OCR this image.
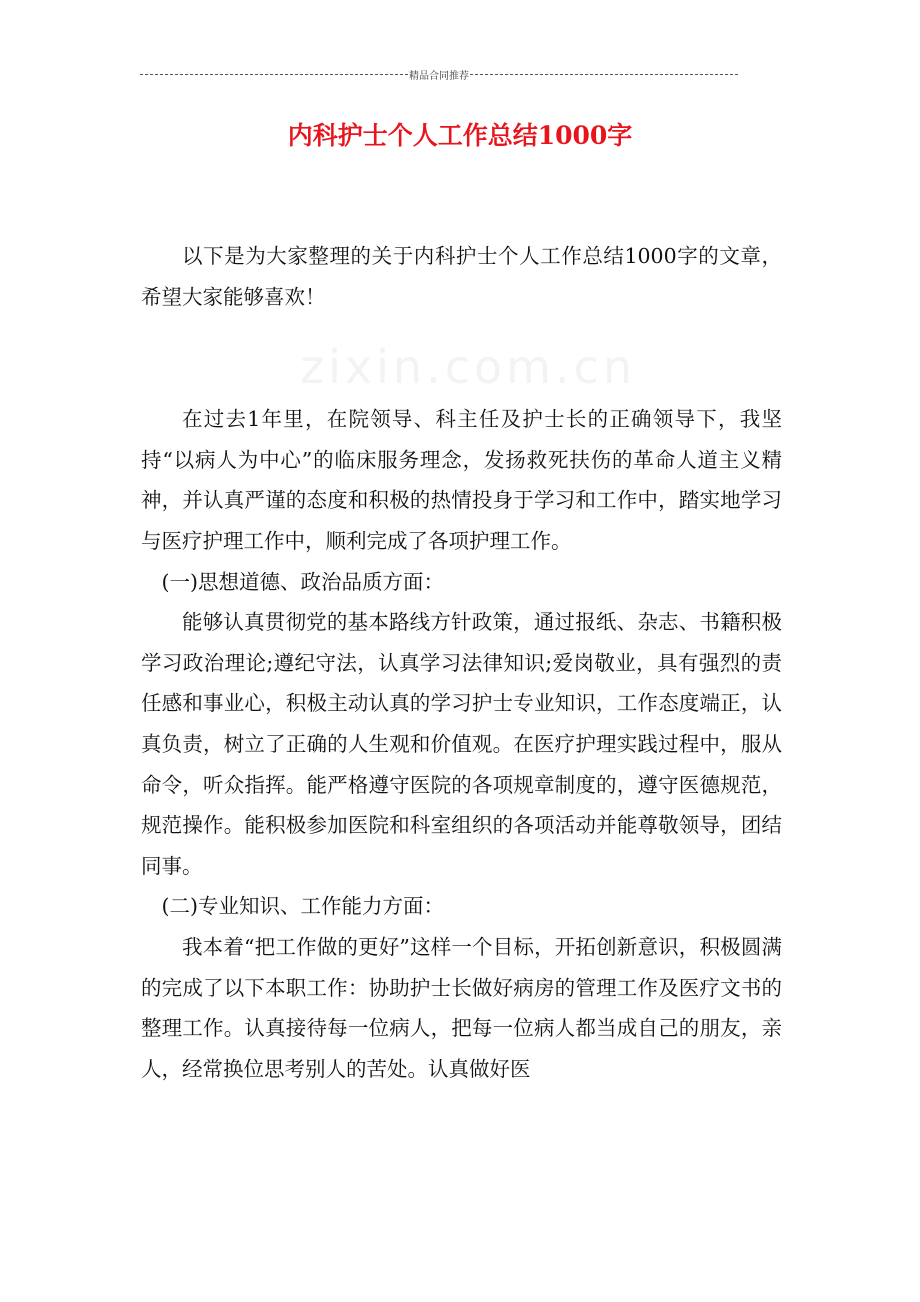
精品合同推荐
zixin.com.cn
内科护士个人工作总结1000字

以下是为大家整理的关于内科护士个人工作总结1000字的文章，希望大家能够喜欢！

在过去1年里，在院领导、科主任及护士长的正确领导下，我坚持“以病人为中心”的临床服务理念，发扬救死扶伤的革命人道主义精神，并认真严谨的态度和积极的热情投身于学习和工作中，踏实地学习与医疗护理工作中，顺利完成了各项护理工作。

(一)思想道德、政治品质方面：

能够认真贯彻党的基本路线方针政策，通过报纸、杂志、书籍积极学习政治理论;遵纪守法，认真学习法律知识;爱岗敬业，具有强烈的责任感和事业心，积极主动认真的学习护士专业知识，工作态度端正，认真负责，树立了正确的人生观和价值观。在医疗护理实践过程中，服从命令，听众指挥。能严格遵守医院的各项规章制度的，遵守医德规范，规范操作。能积极参加医院和科室组织的各项活动并能尊敬领导，团结同事。

(二)专业知识、工作能力方面：

我本着“把工作做的更好”这样一个目标，开拓创新意识，积极圆满的完成了以下本职工作：协助护士长做好病房的管理工作及医疗文书的整理工作。认真接待每一位病人，把每一位病人都当成自己的朋友，亲人，经常换位思考别人的苦处。认真做好医
